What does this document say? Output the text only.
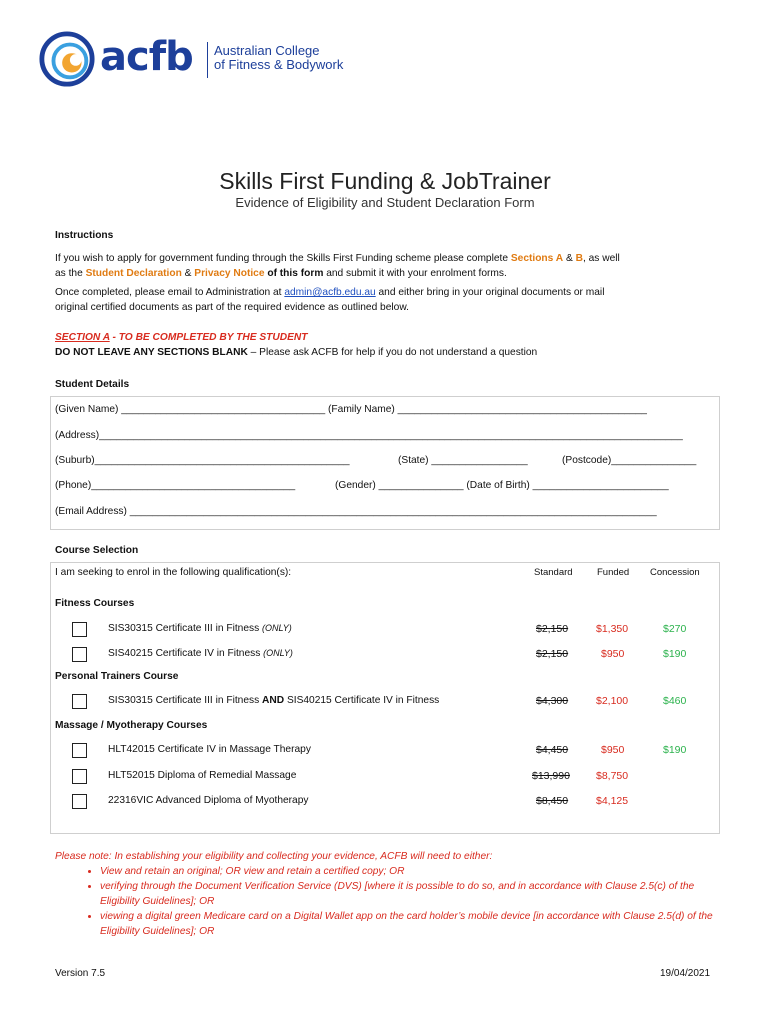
acfb Australian College
of Fitness & Bodywork
Skills First Funding & JobTrainer
Evidence of Eligibility and Student Declaration Form
Instructions
If you wish to apply for government funding through the Skills First Funding scheme please complete Sections A & B, as well
as the Student Declaration & Privacy Notice of this form and submit it with your enrolment forms.
Once completed, please email to Administration at admin@acfb.edu.au and either bring in your original documents or mail
original certified documents as part of the required evidence as outlined below.
SECTION A - TO BE COMPLETED BY THE STUDENT
DO NOT LEAVE ANY SECTIONS BLANK – Please ask ACFB for help if you do not understand a question
Student Details
(Given Name) ____________________________________ (Family Name) ____________________________________________
(Address)_______________________________________________________________________________________________________
(Suburb)_____________________________________________	(State) _________________	(Postcode)_______________
(Phone)____________________________________	(Gender) _______________ (Date of Birth) ________________________
(Email Address) _____________________________________________________________________________________________
Course Selection
I am seeking to enrol in the following qualification(s):	Standard	Funded Concession
Fitness Courses
SIS30315 Certificate III in Fitness (ONLY)	$2,150	$1,350	$270
SIS40215 Certificate IV in Fitness (ONLY)	$2,150	$950	$190
Personal Trainers Course
SIS30315 Certificate III in Fitness AND SIS40215 Certificate IV in Fitness	$4,300	$2,100	$460
Massage / Myotherapy Courses
HLT42015 Certificate IV in Massage Therapy	$4,450	$950	$190
HLT52015 Diploma of Remedial Massage	$13,990 $8,750
22316VIC Advanced Diploma of Myotherapy	$8,450	$4,125
Please note: In establishing your eligibility and collecting your evidence, ACFB will need to either:
• View and retain an original; OR view and retain a certified copy; OR
• verifying through the Document Verification Service (DVS) [where it is possible to do so, and in accordance with Clause 2.5(c) of the Eligibility Guidelines]; OR
• viewing a digital green Medicare card on a Digital Wallet app on the card holder’s mobile device [in accordance with Clause 2.5(d) of the Eligibility Guidelines]; OR
Version 7.5	19/04/2021
